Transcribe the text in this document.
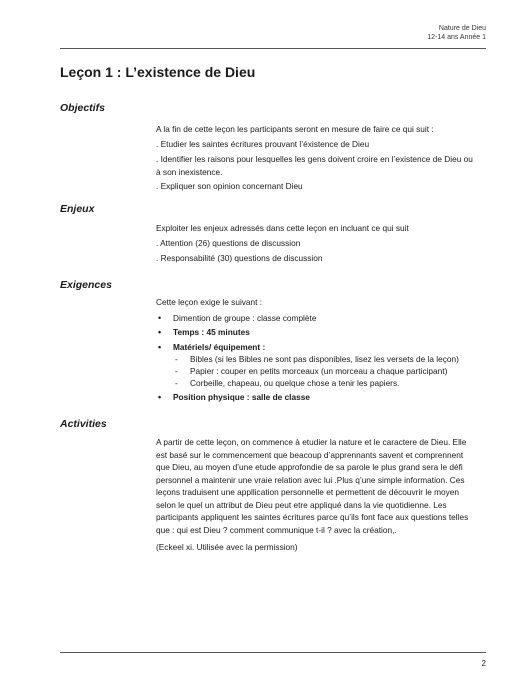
Nature de Dieu
12-14 ans Année 1
Leçon 1 : L’existence de Dieu
Objectifs

A la fin de cette leçon les participants seront en mesure de faire ce qui suit :

. Etudier les saintes écritures prouvant l’éxistence de Dieu

. Identifier les raisons pour lesquelles les gens doivent croire en l’existence de Dieu ou à son inexistence.

. Expliquer son opinion concernant Dieu

Enjeux

Exploiter les enjeux adressés dans cette leçon en incluant ce qui suit

. Attention (26) questions de discussion

. Responsabilité (30) questions de discussion

Exigences

Cette leçon exige le suivant :

• Dimention de groupe : classe complète
• Temps : 45 minutes
• Matériels/ équipement :
- Bibles (si les Bibles ne sont pas disponibles, lisez les versets de la leçon)
- Papier : couper en petits morceaux (un morceau a chaque participant)
- Corbeille, chapeau, ou quelque chose a tenir les papiers.
• Position physique : salle de classe
Activities

A partir de cette leçon, on commence à etudier la nature et le caractere de Dieu. Elle est basé sur le commencement que beacoup d’apprennants savent et comprennent que Dieu, au moyen d’une etude approfondie de sa parole le plus grand sera le défi personnel a maintenir une vraie relation avec lui .Plus q’une simple information. Ces leçons traduisent une appllication personnelle et permettent de découvrir le moyen selon le quel un attribut de Dieu peut etre appliqué dans la vie quotidienne. Les participants appliquent les saintes écritures parce qu’ils font face aux questions telles que : qui est Dieu ? comment communique t-il ? avec la création,.

(Eckeel xi. Utilisée avec la permission)

2
